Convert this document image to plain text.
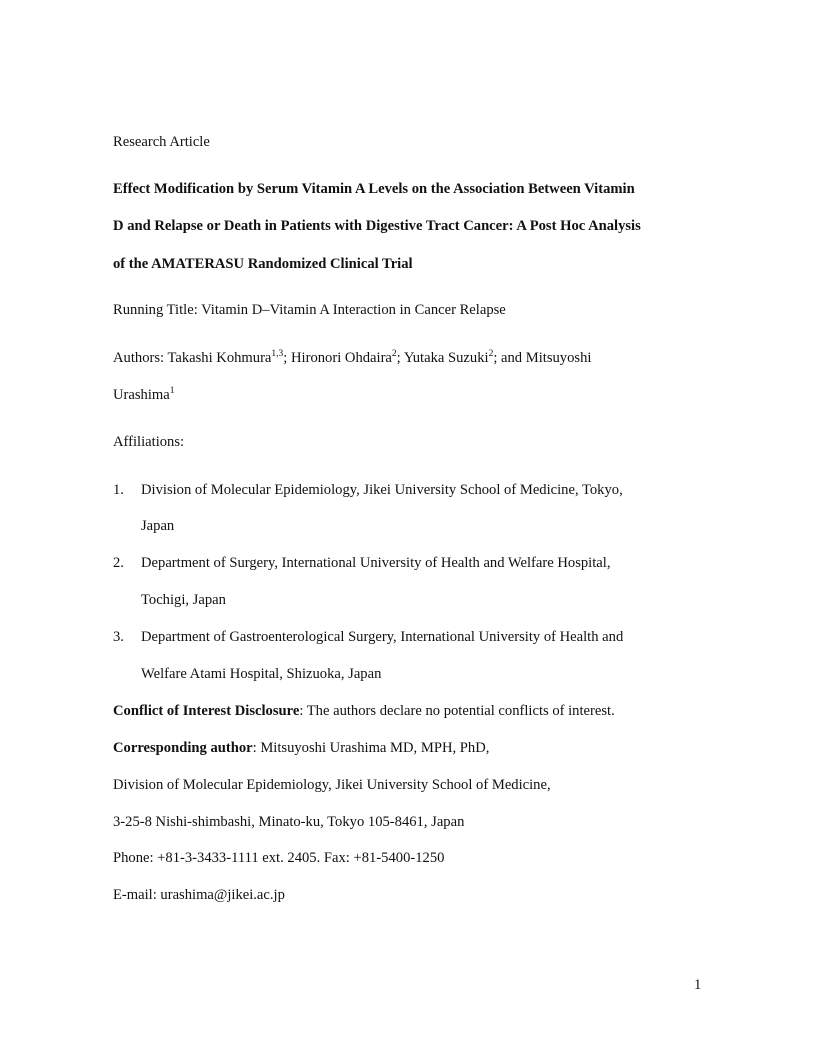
Research Article
Effect Modification by Serum Vitamin A Levels on the Association Between Vitamin
D and Relapse or Death in Patients with Digestive Tract Cancer: A Post Hoc Analysis
of the AMATERASU Randomized Clinical Trial
Running Title: Vitamin D–Vitamin A Interaction in Cancer Relapse
Authors: Takashi Kohmura$^{1,3}$; Hironori Ohdaira$^2$; Yutaka Suzuki$^2$; and Mitsuyoshi
Urashima$^1$
Affiliations:
1. Division of Molecular Epidemiology, Jikei University School of Medicine, Tokyo,
Japan
2. Department of Surgery, International University of Health and Welfare Hospital,
Tochigi, Japan
3. Department of Gastroenterological Surgery, International University of Health and
Welfare Atami Hospital, Shizuoka, Japan
Conflict of Interest Disclosure: The authors declare no potential conflicts of interest.
Corresponding author: Mitsuyoshi Urashima MD, MPH, PhD,
Division of Molecular Epidemiology, Jikei University School of Medicine,
3-25-8 Nishi-shimbashi, Minato-ku, Tokyo 105-8461, Japan
Phone: +81-3-3433-1111 ext. 2405. Fax: +81-5400-1250
E-mail: urashima@jikei.ac.jp
1
